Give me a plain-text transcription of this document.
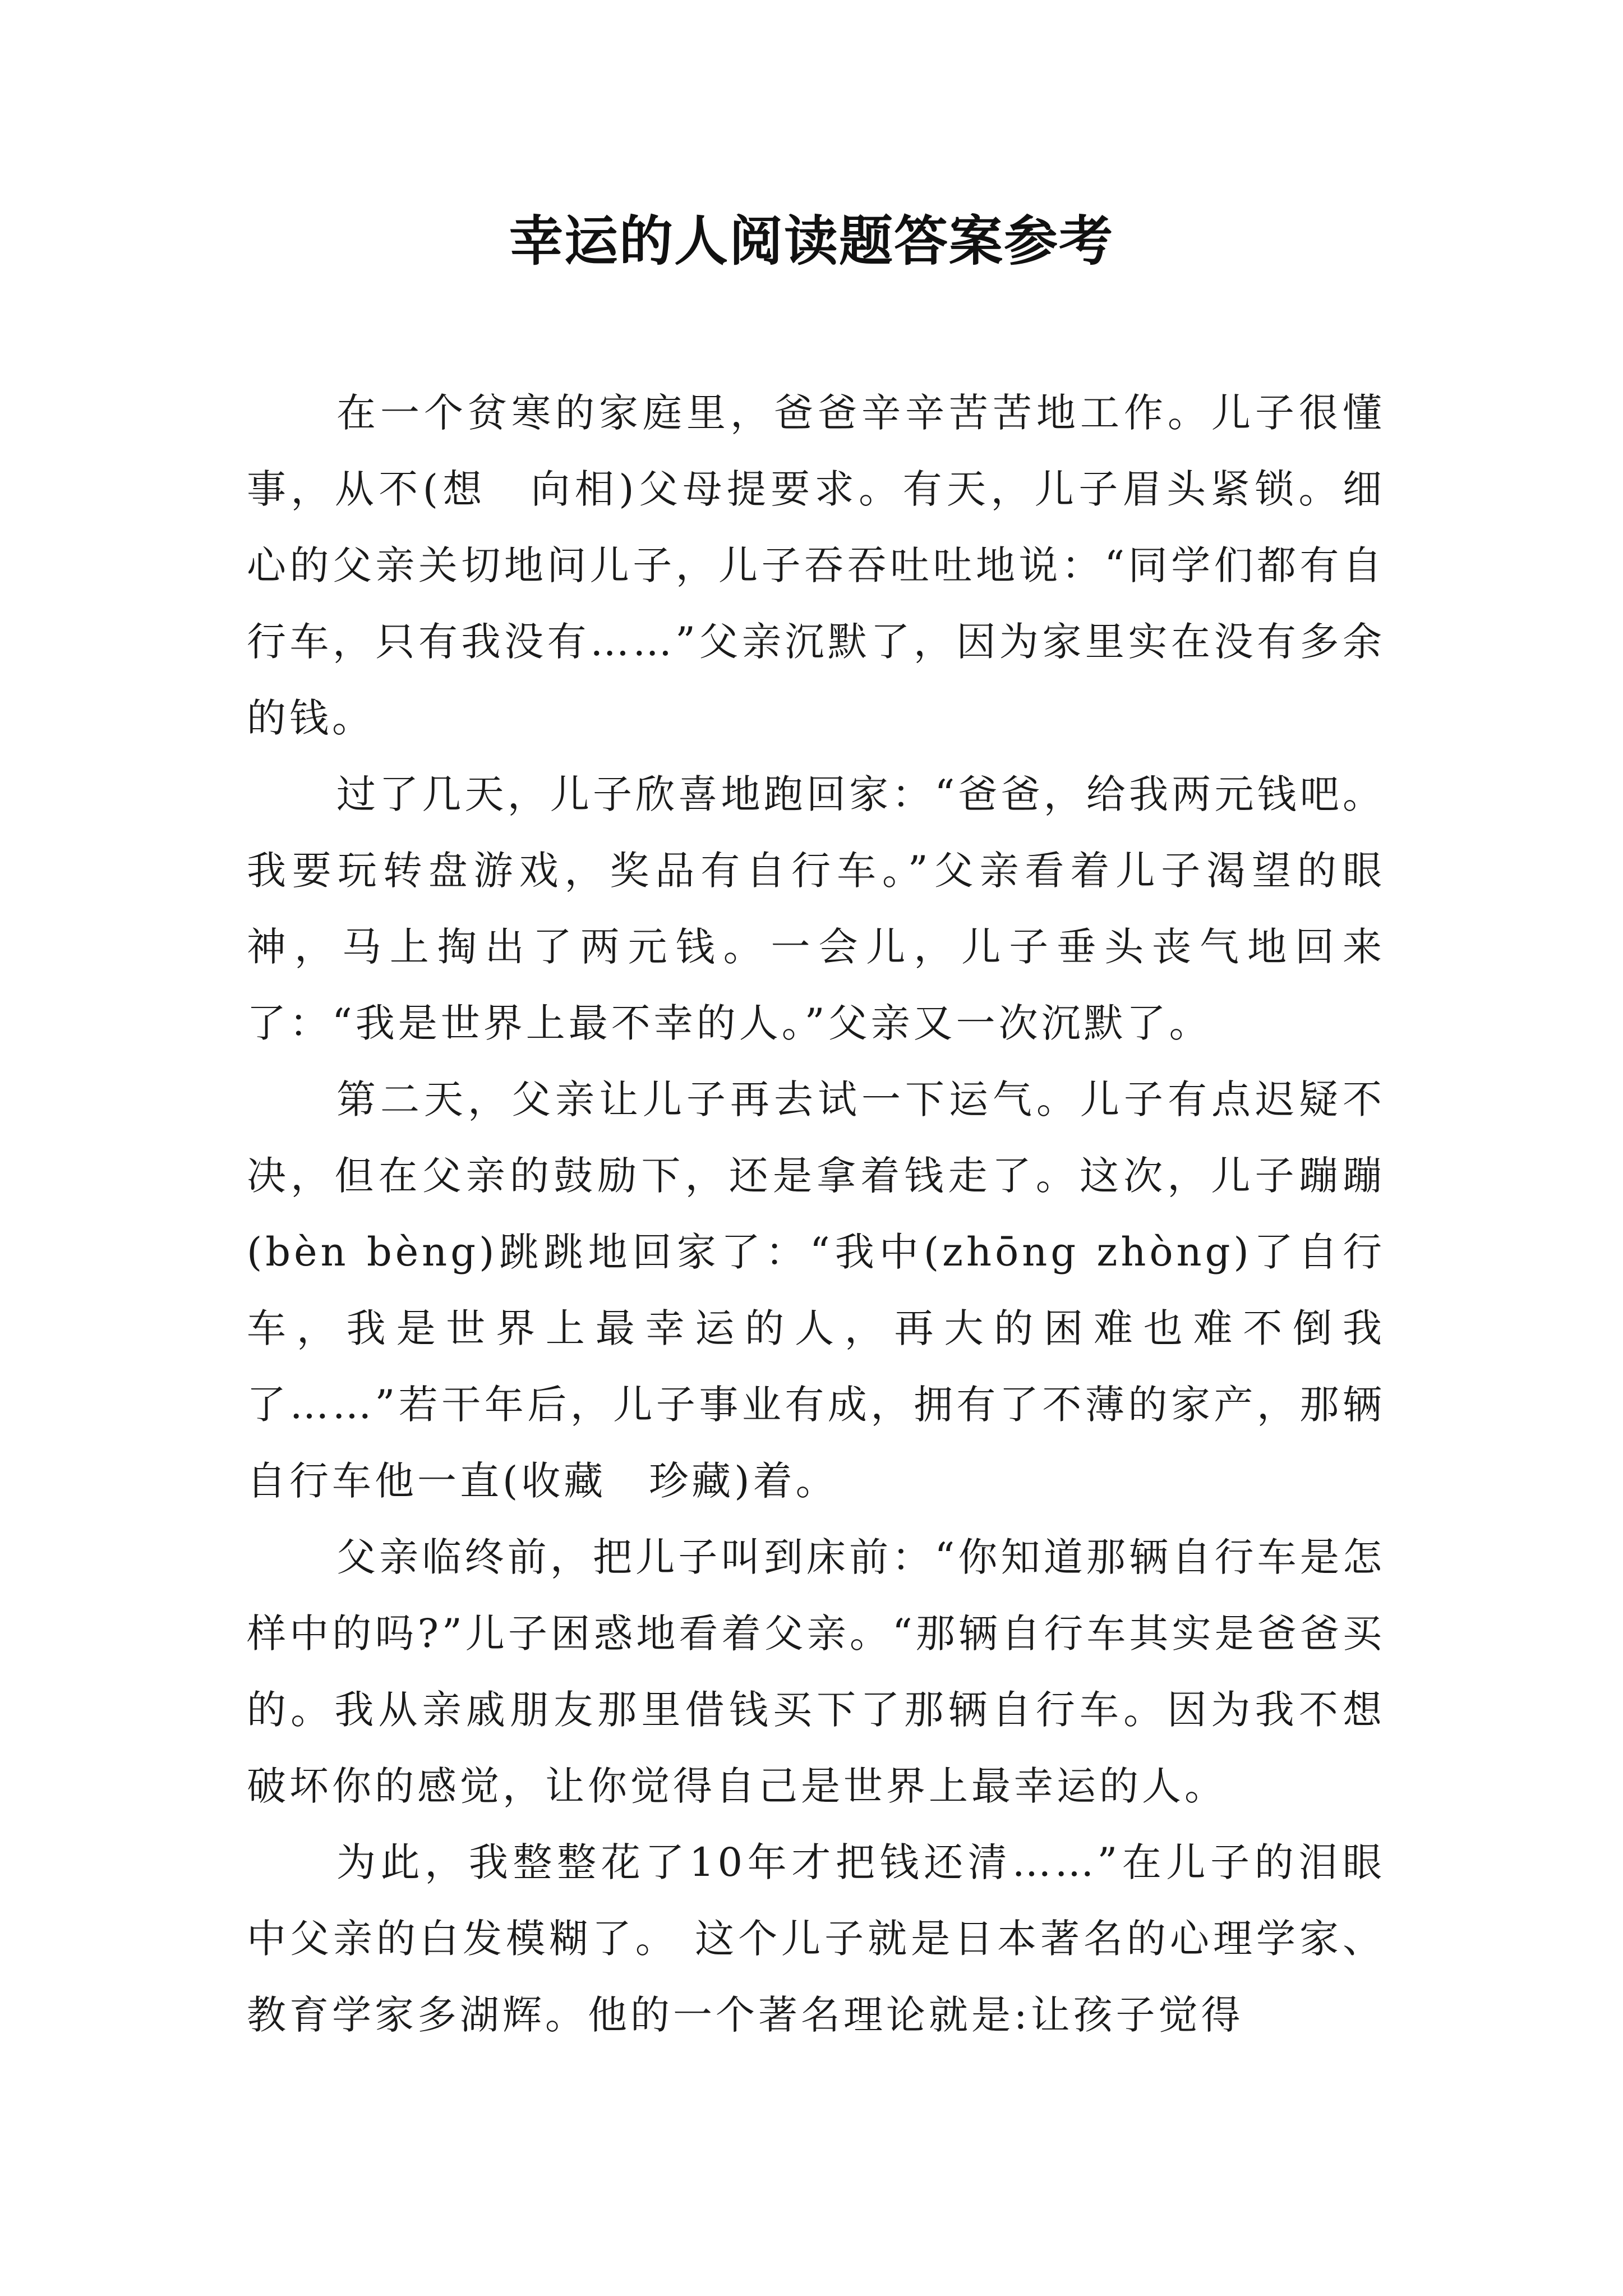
幸运的人阅读题答案参考

在一个贫寒的家庭里，爸爸辛辛苦苦地工作。儿子很懂事，从不(想　向相)父母提要求。有天，儿子眉头紧锁。细心的父亲关切地问儿子，儿子吞吞吐吐地说：“同学们都有自行车，只有我没有……”父亲沉默了，因为家里实在没有多余的钱。

过了几天，儿子欣喜地跑回家：“爸爸，给我两元钱吧。我要玩转盘游戏，奖品有自行车。”父亲看着儿子渴望的眼神，马上掏出了两元钱。一会儿，儿子垂头丧气地回来了：“我是世界上最不幸的人。”父亲又一次沉默了。

第二天，父亲让儿子再去试一下运气。儿子有点迟疑不决，但在父亲的鼓励下，还是拿着钱走了。这次，儿子蹦蹦(bèn bèng)跳跳地回家了：“我中(zhōng zhòng)了自行车，我是世界上最幸运的人，再大的困难也难不倒我了……”若干年后，儿子事业有成，拥有了不薄的家产，那辆自行车他一直(收藏　珍藏)着。

父亲临终前，把儿子叫到床前：“你知道那辆自行车是怎样中的吗?”儿子困惑地看着父亲。“那辆自行车其实是爸爸买的。我从亲戚朋友那里借钱买下了那辆自行车。因为我不想破坏你的感觉，让你觉得自己是世界上最幸运的人。

为此，我整整花了10年才把钱还清……”在儿子的泪眼中父亲的白发模糊了。 这个儿子就是日本著名的心理学家、教育学家多湖辉。他的一个著名理论就是:让孩子觉得
